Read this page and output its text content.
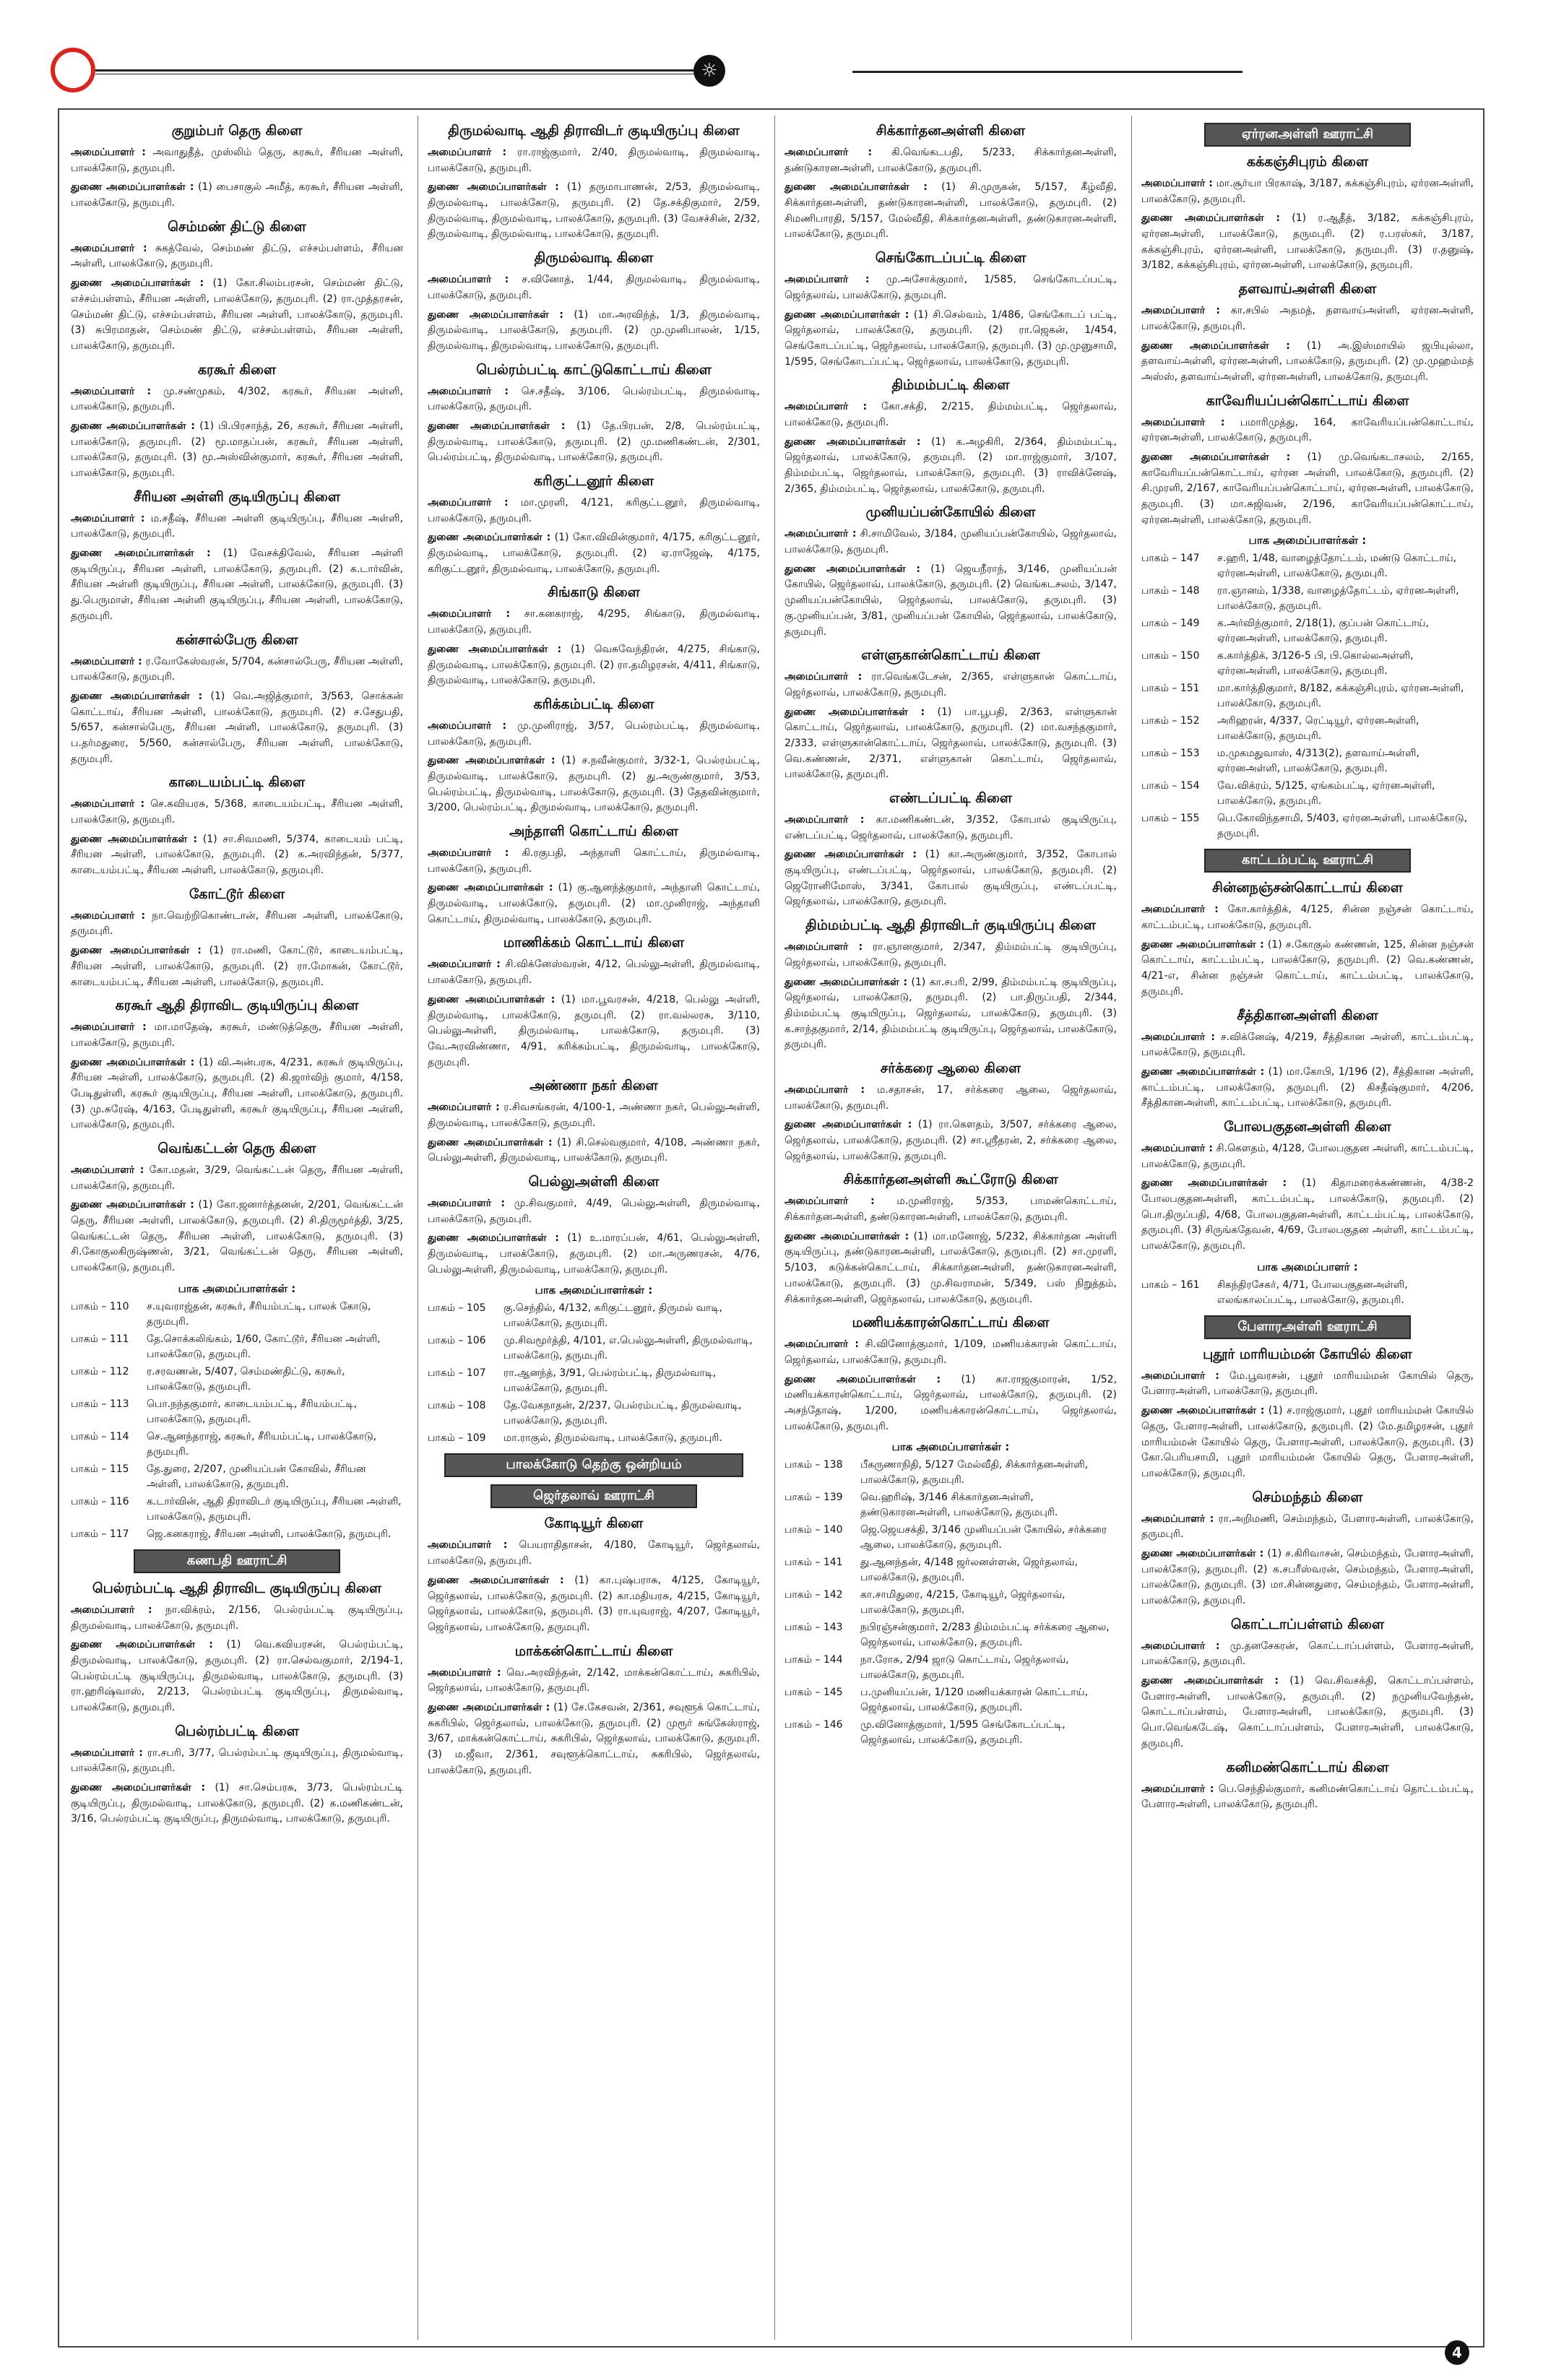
☼
குறும்பர் தெரு கிளை
அமைப்பாளர் : அவாதுதீத், முஸ்லிம் தெரு, கரகூர், சீரியன அள்ளி, பாலக்கோடு, தருமபுரி.
துணை அமைப்பாளர்கள் : (1) பைசாகுல் அமீத், கரகூர், சீரியன அள்ளி, பாலக்கோடு, தருமபுரி.
செம்மண் திட்டு கிளை
அமைப்பாளர் : சுகத்வேல், செம்மண் திட்டு, எச்சம்பள்ளம், சீரியன அள்ளி, பாலக்கோடு, தருமபுரி.
துணை அமைப்பாளர்கள் : (1) கோ.சிலம்பரசன், செம்மண் திட்டு, எச்சம்பள்ளம், சீரியன அள்ளி, பாலக்கோடு, தருமபுரி. (2) ரா.முத்தரசன், செம்மண் திட்டு, எச்சம்பள்ளம், சீரியன அள்ளி, பாலக்கோடு, தருமபுரி. (3) சுபிரமாதன், செம்மண் திட்டு, எச்சம்பள்ளம், சீரியன அள்ளி, பாலக்கோடு, தருமபுரி.
கரகூர் கிளை
அமைப்பாளர் : மு.சண்முகம், 4/302, கரகூர், சீரியன அள்ளி, பாலக்கோடு, தருமபுரி.
துணை அமைப்பாளர்கள் : (1) பி.பிரசாந்த், 26, கரகூர், சீரியன அள்ளி, பாலக்கோடு, தருமபுரி. (2) மூ.மாதப்பன், கரகூர், சீரியன அள்ளி, பாலக்கோடு, தருமபுரி. (3) மூ.அஸ்வின்குமார், கரகூர், சீரியன அள்ளி, பாலக்கோடு, தருமபுரி.
சீரியன அள்ளி குடியிருப்பு கிளை
அமைப்பாளர் : ம.சதீஷ், சீரியன அள்ளி குடியிருப்பு, சீரியன அள்ளி, பாலக்கோடு, தருமபுரி.
துணை அமைப்பாளர்கள் : (1) வேசக்திவேல், சீரியன அள்ளி குடியிருப்பு, சீரியன அள்ளி, பாலக்கோடு, தருமபுரி. (2) க.டார்வின், சீரியன அள்ளி குடியிருப்பு, சீரியன அள்ளி, பாலக்கோடு, தருமபுரி. (3) து.பெருமாள், சீரியன அள்ளி குடியிருப்பு, சீரியன அள்ளி, பாலக்கோடு, தருமபுரி.
கன்சால்பேரு கிளை
அமைப்பாளர் : ர.வோகேஸ்வரன், 5/704, கன்சால்பேரு, சீரியன அள்ளி, பாலக்கோடு, தருமபுரி.
துணை அமைப்பாளர்கள் : (1) வெ.அஜித்குமார், 3/563, சொக்கன் கொட்டாய், சீரியன அள்ளி, பாலக்கோடு, தருமபுரி. (2) ச.சேதுபதி, 5/657, கன்சால்பேரு, சீரியன அள்ளி, பாலக்கோடு, தருமபுரி. (3) ப.தர்மதுரை, 5/560, கன்சால்பேரு, சீரியன அள்ளி, பாலக்கோடு, தருமபுரி.
காடையம்பட்டி கிளை
அமைப்பாளர் : செ.கவியரசு, 5/368, காடையம்பட்டி, சீரியன அள்ளி, பாலக்கோடு, தருமபுரி.
துணை அமைப்பாளர்கள் : (1) சா.சிவமணி, 5/374, காடையம் பட்டி, சீரியன அள்ளி, பாலக்கோடு, தருமபுரி. (2) க.அரவிந்தன், 5/377, காடையம்பட்டி, சீரியன அள்ளி, பாலக்கோடு, தருமபுரி.
கோட்டூர் கிளை
அமைப்பாளர் : நா.வெற்றிகொண்டான், சீரியன அள்ளி, பாலக்கோடு, தருமபுரி.
துணை அமைப்பாளர்கள் : (1) ரா.மணி, கோட்டூர், காடையம்பட்டி, சீரியன அள்ளி, பாலக்கோடு, தருமபுரி. (2) ரா.மோகன், கோட்டூர், காடையம்பட்டி, சீரியன அள்ளி, பாலக்கோடு, தருமபுரி.
கரகூர் ஆதி திராவிட குடியிருப்பு கிளை
அமைப்பாளர் : மா.மாதேஷ், கரகூர், மண்டுத்தெரு, சீரியன அள்ளி, பாலக்கோடு, தருமபுரி.
துணை அமைப்பாளர்கள் : (1) வி.அன்பரசு, 4/231, கரகூர் குடியிருப்பு, சீரியன அள்ளி, பாலக்கோடு, தருமபுரி. (2) கி.ஜார்விந் குமார், 4/158, பேடிதுள்ளி, கரகூர் குடியிருப்பு, சீரியன அள்ளி, பாலக்கோடு, தருமபுரி. (3) மு.சுரேஷ், 4/163, பேடிதுள்ளி, கரகூர் குடியிருப்பு, சீரியன அள்ளி, பாலக்கோடு, தருமபுரி.
வெங்கட்டன் தெரு கிளை
அமைப்பாளர் : கோ.மதன், 3/29, வெங்கட்டன் தெரு, சீரியன அள்ளி, பாலக்கோடு, தருமபுரி.
துணை அமைப்பாளர்கள் : (1) கோ.ஜனார்த்தனன், 2/201, வெங்கட்டன் தெரு, சீரியன அள்ளி, பாலக்கோடு, தருமபுரி. (2) சி.திருமூர்த்தி, 3/25, வெங்கட்டன் தெரு, சீரியன அள்ளி, பாலக்கோடு, தருமபுரி. (3) சி.கோகுலகிருஷ்ணன், 3/21, வெங்கட்டன் தெரு, சீரியன அள்ளி, பாலக்கோடு, தருமபுரி.
பாக அமைப்பாளர்கள் :
பாகம் – 110	ச.யுவராஜ்தன், கரகூர், சீரியம்பட்டி, பாலக் கோடு, தருமபுரி.
பாகம் – 111	தே.சொக்கலிங்கம், 1/60, கோட்டூர், சீரியன அள்ளி, பாலக்கோடு, தருமபுரி.
பாகம் – 112	ர.சரவணன், 5/407, செம்மண்திட்டு, கரகூர், பாலக்கோடு, தருமபுரி.
பாகம் – 113	பொ.நந்தகுமார், காடையம்பட்டி, சீரியம்பட்டி, பாலக்கோடு, தருமபுரி.
பாகம் – 114	செ.ஆனந்தராஜ், கரகூர், சீரியம்பட்டி, பாலக்கோடு, தருமபுரி.
பாகம் – 115	தே.துரை, 2/207, முனியப்பன் கோவில், சீரியன அள்ளி, பாலக்கோடு, தருமபுரி.
பாகம் – 116	க.டார்வின், ஆதி திராவிடர் குடியிருப்பு, சீரியன அள்ளி, பாலக்கோடு, தருமபுரி.
பாகம் – 117	ஜெ.கனகராஜ், சீரியன அள்ளி, பாலக்கோடு, தருமபுரி.
கணபதி ஊராட்சி
பெல்ரம்பட்டி ஆதி திராவிட குடியிருப்பு கிளை
அமைப்பாளர் : நா.விக்ரம், 2/156, பெல்ரம்பட்டி குடியிருப்பு, திருமல்வாடி, பாலக்கோடு, தருமபுரி.
துணை அமைப்பாளர்கள் : (1) வெ.கவியரசன், பெல்ரம்பட்டி, திருமல்வாடி, பாலக்கோடு, தருமபுரி. (2) ரா.செல்வகுமார், 2/194-1, பெல்ரம்பட்டி குடியிருப்பு, திருமல்வாடி, பாலக்கோடு, தருமபுரி. (3) ரா.ஹரிஷ்வாஸ், 2/213, பெல்ரம்பட்டி குடியிருப்பு, திருமல்வாடி, பாலக்கோடு, தருமபுரி.
பெல்ரம்பட்டி கிளை
அமைப்பாளர் : ரா.சபரி, 3/77, பெல்ரம்பட்டி குடியிருப்பு, திருமல்வாடி, பாலக்கோடு, தருமபுரி.
துணை அமைப்பாளர்கள் : (1) சா.செம்பரசு, 3/73, பெல்ரம்பட்டி குடியிருப்பு, திருமல்வாடி, பாலக்கோடு, தருமபுரி. (2) க.மணிகண்டன், 3/16, பெல்ரம்பட்டி குடியிருப்பு, திருமல்வாடி, பாலக்கோடு, தருமபுரி.
திருமல்வாடி ஆதி திராவிடர் குடியிருப்பு கிளை
அமைப்பாளர் : ரா.ராஜ்குமார், 2/40, திருமல்வாடி, திருமல்வாடி, பாலக்கோடு, தருமபுரி.
துணை அமைப்பாளர்கள் : (1) தருமாபாணன், 2/53, திருமல்வாடி, திருமல்வாடி, பாலக்கோடு, தருமபுரி. (2) தே.சக்திகுமார், 2/59, திருமல்வாடி, திருமல்வாடி, பாலக்கோடு, தருமபுரி. (3) வேசச்சின், 2/32, திருமல்வாடி, திருமல்வாடி, பாலக்கோடு, தருமபுரி.
திருமல்வாடி கிளை
அமைப்பாளர் : ச.வினோத், 1/44, திருமல்வாடி, திருமல்வாடி, பாலக்கோடு, தருமபுரி.
துணை அமைப்பாளர்கள் : (1) மா.அரவிந்த், 1/3, திருமல்வாடி, திருமல்வாடி, பாலக்கோடு, தருமபுரி. (2) மு.முனிபாலன், 1/15, திருமல்வாடி, திருமல்வாடி, பாலக்கோடு, தருமபுரி.
பெல்ரம்பட்டி காட்டுகொட்டாய் கிளை
அமைப்பாளர் : செ.சதீஷ், 3/106, பெல்ரம்பட்டி, திருமல்வாடி, பாலக்கோடு, தருமபுரி.
துணை அமைப்பாளர்கள் : (1) தே.பிரபன், 2/8, பெல்ரம்பட்டி, திருமல்வாடி, பாலக்கோடு, தருமபுரி. (2) மு.மணிகண்டன், 2/301, பெல்ரம்பட்டி, திருமல்வாடி, பாலக்கோடு, தருமபுரி.
கரிகுட்டனூர் கிளை
அமைப்பாளர் : மா.முரளி, 4/121, கரிகுட்டனூர், திருமல்வாடி, பாலக்கோடு, தருமபுரி.
துணை அமைப்பாளர்கள் : (1) கோ.விவின்குமார், 4/175, கரிகுட்டனூர், திருமல்வாடி, பாலக்கோடு, தருமபுரி. (2) ஏ.ராஜேஷ், 4/175, கரிகுட்டனூர், திருமல்வாடி, பாலக்கோடு, தருமபுரி.
சிங்காடு கிளை
அமைப்பாளர் : சா.கனகராஜ், 4/295, சிங்காடு, திருமல்வாடி, பாலக்கோடு, தருமபுரி.
துணை அமைப்பாளர்கள் : (1) வெசுவேந்திரன், 4/275, சிங்காடு, திருமல்வாடி, பாலக்கோடு, தருமபுரி. (2) ரா.தமிழரசன், 4/411, சிங்காடு, திருமல்வாடி, பாலக்கோடு, தருமபுரி.
கரிக்கம்பட்டி கிளை
அமைப்பாளர் : மு.முனிராஜ், 3/57, பெல்ரம்பட்டி, திருமல்வாடி, பாலக்கோடு, தருமபுரி.
துணை அமைப்பாளர்கள் : (1) ச.நவீன்குமார், 3/32-1, பெல்ரம்பட்டி, திருமல்வாடி, பாலக்கோடு, தருமபுரி. (2) து.அருண்குமார், 3/53, பெல்ரம்பட்டி, திருமல்வாடி, பாலக்கோடு, தருமபுரி. (3) தேதவின்குமார், 3/200, பெல்ரம்பட்டி, திருமல்வாடி, பாலக்கோடு, தருமபுரி.
அந்தாளி கொட்டாய் கிளை
அமைப்பாளர் : கி.ரகுபதி, அந்தாளி கொட்டாய், திருமல்வாடி, பாலக்கோடு, தருமபுரி.
துணை அமைப்பாளர்கள் : (1) கு.ஆனந்த்குமார், அந்தாளி கொட்டாய், திருமல்வாடி, பாலக்கோடு, தருமபுரி. (2) மா.முனிராஜ், அந்தாளி கொட்டாய், திருமல்வாடி, பாலக்கோடு, தருமபுரி.
மாணிக்கம் கொட்டாய் கிளை
அமைப்பாளர் : சி.விக்னேஸ்வரன், 4/12, பெல்லுஅள்ளி, திருமல்வாடி, பாலக்கோடு, தருமபுரி.
துணை அமைப்பாளர்கள் : (1) மா.பூவரசன், 4/218, பெல்லு அள்ளி, திருமல்வாடி, பாலக்கோடு, தருமபுரி. (2) ரா.வல்லரசு, 3/110, பெல்லுஅள்ளி, திருமல்வாடி, பாலக்கோடு, தருமபுரி. (3) வே.அரவிண்ணா, 4/91, கரிக்கம்பட்டி, திருமல்வாடி, பாலக்கோடு, தருமபுரி.
அண்ணா நகர் கிளை
அமைப்பாளர் : ர.சிவசங்கரன், 4/100-1, அண்ணா நகர், பெல்லுஅள்ளி, திருமல்வாடி, பாலக்கோடு, தருமபுரி.
துணை அமைப்பாளர்கள் : (1) சி.செல்வகுமார், 4/108, அண்ணா நகர், பெல்லுஅள்ளி, திருமல்வாடி, பாலக்கோடு, தருமபுரி.
பெல்லுஅள்ளி கிளை
அமைப்பாளர் : மு.சிவகுமார், 4/49, பெல்லுஅள்ளி, திருமல்வாடி, பாலக்கோடு, தருமபுரி.
துணை அமைப்பாளர்கள் : (1) உ.மாரப்பன், 4/61, பெல்லுஅள்ளி, திருமல்வாடி, பாலக்கோடு, தருமபுரி. (2) மா.அருணரசன், 4/76, பெல்லுஅள்ளி, திருமல்வாடி, பாலக்கோடு, தருமபுரி.
பாக அமைப்பாளர்கள் :
பாகம் – 105	கு.செந்தில், 4/132, கரிகுட்டனூர், திருமல் வாடி, பாலக்கோடு, தருமபுரி.
பாகம் – 106	மு.சிவமூர்த்தி, 4/101, எ.பெல்லுஅள்ளி, திருமல்வாடி, பாலக்கோடு, தருமபுரி.
பாகம் – 107	ரா.ஆனந்த், 3/91, பெல்ரம்பட்டி, திருமல்வாடி, பாலக்கோடு, தருமபுரி.
பாகம் – 108	தே.வேகநாதன், 2/237, பெல்ரம்பட்டி, திருமல்வாடி, பாலக்கோடு, தருமபுரி.
பாகம் – 109	மா.ராகுல், திருமல்வாடி, பாலக்கோடு, தருமபுரி.
பாலக்கோடு தெற்கு ஒன்றியம்
ஜெர்தலாவ் ஊராட்சி
கோடியூர் கிளை
அமைப்பாளர் : பெயராதிதாசன், 4/180, கோடியூர், ஜெர்தலாவ், பாலக்கோடு, தருமபுரி.
துணை அமைப்பாளர்கள் : (1) கா.புஷ்பராசு, 4/125, கோடியூர், ஜெர்தலாவ், பாலக்கோடு, தருமபுரி. (2) கா.மதியரசு, 4/215, கோடியூர், ஜெர்தலாவ், பாலக்கோடு, தருமபுரி. (3) ரா.யுவராஜ், 4/207, கோடியூர், ஜெர்தலாவ், பாலக்கோடு, தருமபுரி.
மாக்கன்கொட்டாய் கிளை
அமைப்பாளர் : வெ.அரவிந்தன், 2/142, மாக்கன்கொட்டாய், சுகரிபில், ஜெர்தலாவ், பாலக்கோடு, தருமபுரி.
துணை அமைப்பாளர்கள் : (1) சே.கேசவன், 2/361, சவுளூக் கொட்டாய், சுகரிபில், ஜெர்தலாவ், பாலக்கோடு, தருமபுரி. (2) முரூர் சுங்கேஸ்ராஜ், 3/67, மாக்கன்கொட்டாய், சுகரிபில், ஜெர்தலாவ், பாலக்கோடு, தருமபுரி. (3) ம.ஜீவா, 2/361, சவுளூக்கொட்டாய், சுகரிபில், ஜெர்தலாவ், பாலக்கோடு, தருமபுரி.
சிக்கார்தனஅள்ளி கிளை
அமைப்பாளர் : கி.வெங்கடபதி, 5/233, சிக்கார்தனஅள்ளி, தண்டுகாரனஅள்ளி, பாலக்கோடு, தருமபுரி.
துணை அமைப்பாளர்கள் : (1) சி.முருகன், 5/157, கீழ்வீதி, சிக்கார்தனஅள்ளி, தண்டுகாரனஅள்ளி, பாலக்கோடு, தருமபுரி. (2) சிமணிபாரதி, 5/157, மேல்வீதி, சிக்கார்தனஅள்ளி, தண்டுகாரனஅள்ளி, பாலக்கோடு, தருமபுரி.
செங்கோடப்பட்டி கிளை
அமைப்பாளர் : மு.அசோக்குமார், 1/585, செங்கோடப்பட்டி, ஜெர்தலாவ், பாலக்கோடு, தருமபுரி.
துணை அமைப்பாளர்கள் : (1) சி.செல்வம், 1/486, செங்கோடப் பட்டி, ஜெர்தலாவ், பாலக்கோடு, தருமபுரி. (2) ரா.ஜெகன், 1/454, செங்கோடப்பட்டி, ஜெர்தலாவ், பாலக்கோடு, தருமபுரி. (3) மு.முனுசாமி, 1/595, செங்கோடப்பட்டி, ஜெர்தலாவ், பாலக்கோடு, தருமபுரி.
திம்மம்பட்டி கிளை
அமைப்பாளர் : கோ.சக்தி, 2/215, திம்மம்பட்டி, ஜெர்தலாவ், பாலக்கோடு, தருமபுரி.
துணை அமைப்பாளர்கள் : (1) க.அழகிரி, 2/364, திம்மம்பட்டி, ஜெர்தலாவ், பாலக்கோடு, தருமபுரி. (2) மா.ராஜ்குமார், 3/107, திம்மம்பட்டி, ஜெர்தலாவ், பாலக்கோடு, தருமபுரி. (3) ராவிக்னேஷ், 2/365, திம்மம்பட்டி, ஜெர்தலாவ், பாலக்கோடு, தருமபுரி.
முனியப்பன்கோயில் கிளை
அமைப்பாளர் : சி.சாமிவேல், 3/184, முனியப்பன்கோயில், ஜெர்தலாவ், பாலக்கோடு, தருமபுரி.
துணை அமைப்பாளர்கள் : (1) ஜெயநீராந், 3/146, முனியப்பன் கோயில், ஜெர்தலாவ், பாலக்கோடு, தருமபுரி. (2) வெங்கடசலம், 3/147, முனியப்பன்கோயில், ஜெர்தலாவ், பாலக்கோடு, தருமபுரி. (3) கு.முனியப்பன், 3/81, முனியப்பன் கோயில், ஜெர்தலாவ், பாலக்கோடு, தருமபுரி.
எள்ளுகான்கொட்டாய் கிளை
அமைப்பாளர் : ரா.வெங்கடேசன், 2/365, எள்ளுகான் கொட்டாய், ஜெர்தலாவ், பாலக்கோடு, தருமபுரி.
துணை அமைப்பாளர்கள் : (1) பா.பூபதி, 2/363, எள்ளுகான் கொட்டாய், ஜெர்தலாவ், பாலக்கோடு, தருமபுரி. (2) மா.வசந்தகுமார், 2/333, எள்ளுகான்கொட்டாய், ஜெர்தலாவ், பாலக்கோடு, தருமபுரி. (3) வெ.கண்ணன், 2/371, எள்ளுகான் கொட்டாய், ஜெர்தலாவ், பாலக்கோடு, தருமபுரி.
எண்டப்பட்டி கிளை
அமைப்பாளர் : கா.மணிகண்டன், 3/352, கோபால் குடியிருப்பு, எண்டப்பட்டி, ஜெர்தலாவ், பாலக்கோடு, தருமபுரி.
துணை அமைப்பாளர்கள் : (1) கா.அருண்குமார், 3/352, கோபால் குடியிருப்பு, எண்டப்பட்டி, ஜெர்தலாவ், பாலக்கோடு, தருமபுரி. (2) ஜெரோனிமோஸ், 3/341, கோபால் குடியிருப்பு, எண்டப்பட்டி, ஜெர்தலாவ், பாலக்கோடு, தருமபுரி.
திம்மம்பட்டி ஆதி திராவிடர் குடியிருப்பு கிளை
அமைப்பாளர் : ரா.ஞானகுமார், 2/347, திம்மம்பட்டி குடியிருப்பு, ஜெர்தலாவ், பாலக்கோடு, தருமபுரி.
துணை அமைப்பாளர்கள் : (1) கா.சபரி, 2/99, திம்மம்பட்டி குடியிருப்பு, ஜெர்தலாவ், பாலக்கோடு, தருமபுரி. (2) பா.திருப்பதி, 2/344, திம்மம்பட்டி குடியிருப்பு, ஜெர்தலாவ், பாலக்கோடு, தருமபுரி. (3) க.சாந்தகுமார், 2/14, திம்மம்பட்டி குடியிருப்பு, ஜெர்தலாவ், பாலக்கோடு, தருமபுரி.
சர்க்கரை ஆலை கிளை
அமைப்பாளர் : ம.சதாசன், 17, சர்க்கரை ஆலை, ஜெர்தலாவ், பாலக்கோடு, தருமபுரி.
துணை அமைப்பாளர்கள் : (1) ரா.கௌதம், 3/507, சர்க்கரை ஆலை, ஜெர்தலாவ், பாலக்கோடு, தருமபுரி. (2) சா.ஸ்ரீதரன், 2, சர்க்கரை ஆலை, ஜெர்தலாவ், பாலக்கோடு, தருமபுரி.
சிக்கார்தனஅள்ளி கூட்ரோடு கிளை
அமைப்பாளர் : ம.முனிராஜ், 5/353, பாமண்கொட்டாய், சிக்கார்தனஅள்ளி, தண்டுகாரனஅள்ளி, பாலக்கோடு, தருமபுரி.
துணை அமைப்பாளர்கள் : (1) மா.மனோஜ், 5/232, சிக்கார்தன அள்ளி குடியிருப்பு, தண்டுகாரனஅள்ளி, பாலக்கோடு, தருமபுரி. (2) சா.முரளி, 5/103, கடுக்கன்கொட்டாய், சிக்கார்தனஅள்ளி, தண்டுகாரனஅள்ளி, பாலக்கோடு, தருமபுரி. (3) மு.சிவராமன், 5/349, பஸ் நிறுத்தம், சிக்கார்தனஅள்ளி, ஜெர்தலாவ், பாலக்கோடு, தருமபுரி.
மணியக்காரன்கொட்டாய் கிளை
அமைப்பாளர் : சி.வினோத்குமார், 1/109, மணியக்காரன் கொட்டாய், ஜெர்தலாவ், பாலக்கோடு, தருமபுரி.
துணை அமைப்பாளர்கள் : (1) கா.ராஜகுமாரன், 1/52, மணியக்காரன்கொட்டாய், ஜெர்தலாவ், பாலக்கோடு, தருமபுரி. (2) அசந்தோஷ், 1/200, மணியக்காரன்கொட்டாய், ஜெர்தலாவ், பாலக்கோடு, தருமபுரி.
பாக அமைப்பாளர்கள் :
பாகம் – 138	பீகருணாநிதி, 5/127 மேல்வீதி, சிக்கார்தனஅள்ளி, பாலக்கோடு, தருமபுரி.
பாகம் – 139	வெ.ஹரிஷ், 3/146 சிக்கார்தனஅள்ளி, தண்டுகாரனஅள்ளி, பாலக்கோடு, தருமபுரி.
பாகம் – 140	ஜெ.ஜெயசக்தி, 3/146 முனியப்பன் கோயில், சர்க்கரை ஆலை, பாலக்கோடு, தருமபுரி.
பாகம் – 141	து.ஆனந்தன், 4/148 ஜர்லனள்ளன், ஜெர்தலாவ், பாலக்கோடு, தருமபுரி.
பாகம் – 142	கா.சாமிதுரை, 4/215, கோடியூர், ஜெர்தலாவ், பாலக்கோடு, தருமபுரி.
பாகம் – 143	நபிரஞ்சன்குமார், 2/283 திம்மம்பட்டி சர்க்கரை ஆலை, ஜெர்தலாவ், பாலக்கோடு, தருமபுரி.
பாகம் – 144	நா.ரோசு, 2/94 ஜாடு கொட்டாய், ஜெர்தலாவ், பாலக்கோடு, தருமபுரி.
பாகம் – 145	ப.முனியப்பன், 1/120 மணியக்காரன் கொட்டாய், ஜெர்தலாவ், பாலக்கோடு, தருமபுரி.
பாகம் – 146	மு.வினோத்குமார், 1/595 செங்கோடப்பட்டி, ஜெர்தலாவ், பாலக்கோடு, தருமபுரி.
ஏர்ரனஅள்ளி ஊராட்சி
கக்கஞ்சிபுரம் கிளை
அமைப்பாளர் : மா.சூர்யா பிரகாஷ், 3/187, கக்கஞ்சிபுரம், ஏர்ரனஅள்ளி, பாலக்கோடு, தருமபுரி.
துணை அமைப்பாளர்கள் : (1) ர.ஆதீத், 3/182, கக்கஞ்சிபுரம், ஏர்ரனஅள்ளி, பாலக்கோடு, தருமபுரி. (2) ர.பரஸ்கர், 3/187, கக்கஞ்சிபுரம், ஏர்ரனஅள்ளி, பாலக்கோடு, தருமபுரி. (3) ர.தனுஷ், 3/182, கக்கஞ்சிபுரம், ஏர்ரனஅள்ளி, பாலக்கோடு, தருமபுரி.
தளவாய்அள்ளி கிளை
அமைப்பாளர் : கா.சபில் அதமத், தளவாய்அள்ளி, ஏர்ரனஅள்ளி, பாலக்கோடு, தருமபுரி.
துணை அமைப்பாளர்கள் : (1) அ.இஸ்மாயில் ஜபியுல்லா, தளவாய்அள்ளி, ஏர்ரனஅள்ளி, பாலக்கோடு, தருமபுரி. (2) மு.முஹம்மத் அஸ்ஸ், தளவாய்அள்ளி, ஏர்ரனஅள்ளி, பாலக்கோடு, தருமபுரி.
காவேரியப்பன்கொட்டாய் கிளை
அமைப்பாளர் : பமாரிமுத்து, 164, காவேரியப்பன்கொட்டாய், ஏர்ரனஅள்ளி, பாலக்கோடு, தருமபுரி.
துணை அமைப்பாளர்கள் : (1) மு.வெங்கடாசலம், 2/165, காவேரியப்பன்கொட்டாய், ஏர்ரன அள்ளி, பாலக்கோடு, தருமபுரி. (2) சி.முரளி, 2/167, காவேரியப்பன்கொட்டாய், ஏர்ரனஅள்ளி, பாலக்கோடு, தருமபுரி. (3) மா.சுஜிவன், 2/196, காவேரியப்பன்கொட்டாய், ஏர்ரனஅள்ளி, பாலக்கோடு, தருமபுரி.
பாக அமைப்பாளர்கள் :
பாகம் – 147	ச.ஹரி, 1/48, வாழைத்தோட்டம், மண்டு கொட்டாய், ஏர்ரனஅள்ளி, பாலக்கோடு, தருமபுரி.
பாகம் – 148	ரா.ஞானம், 1/338, வாழைத்தோட்டம், ஏர்ரனஅள்ளி, பாலக்கோடு, தருமபுரி.
பாகம் – 149	க.அர்விந்குமார், 2/18(1), குப்பன் கொட்டாய், ஏர்ரனஅள்ளி, பாலக்கோடு, தருமபுரி.
பாகம் – 150	க.கார்த்திக், 3/126-5 பி, பி.கொல்லஅள்ளி, ஏர்ரனஅள்ளி, பாலக்கோடு, தருமபுரி.
பாகம் – 151	மா.கார்த்திகுமார், 8/182, கக்கஞ்சிபுரம், ஏர்ரனஅள்ளி, பாலக்கோடு, தருமபுரி.
பாகம் – 152	அரிஹரன், 4/337, ரெட்டியூர், ஏர்ரனஅள்ளி, பாலக்கோடு, தருமபுரி.
பாகம் – 153	ம.முகமதுவாஸ், 4/313(2), தளவாய்அள்ளி, ஏர்ரனஅள்ளி, பாலக்கோடு, தருமபுரி.
பாகம் – 154	வே.விக்ரம், 5/125, ஏங்கம்பட்டி, ஏர்ரனஅள்ளி, பாலக்கோடு, தருமபுரி.
பாகம் – 155	பெ.கோவிந்தசாமி, 5/403, ஏர்ரனஅள்ளி, பாலக்கோடு, தருமபுரி.
காட்டம்பட்டி ஊராட்சி
சின்னநஞ்சன்கொட்டாய் கிளை
அமைப்பாளர் : கோ.கார்த்திக், 4/125, சின்ன நஞ்சன் கொட்டாய், காட்டம்பட்டி, பாலக்கோடு, தருமபுரி.
துணை அமைப்பாளர்கள் : (1) ச.கோகுல் கண்ணன், 125, சின்ன நஞ்சன் கொட்டாய், காட்டம்பட்டி, பாலக்கோடு, தருமபுரி. (2) வெ.கண்ணன், 4/21-எ, சின்ன நஞ்சன் கொட்டாய், காட்டம்பட்டி, பாலக்கோடு, தருமபுரி.
சீத்திகானஅள்ளி கிளை
அமைப்பாளர் : ச.விக்னேஷ், 4/219, சீத்திகான அள்ளி, காட்டம்பட்டி, பாலக்கோடு, தருமபுரி.
துணை அமைப்பாளர்கள் : (1) மா.கோபி, 1/196 (2), சீத்திகான அள்ளி, காட்டம்பட்டி, பாலக்கோடு, தருமபுரி. (2) கிசதீஷ்குமார், 4/206, சீத்திகானஅள்ளி, காட்டம்பட்டி, பாலக்கோடு, தருமபுரி.
போலபகுதனஅள்ளி கிளை
அமைப்பாளர் : சி.கௌதம், 4/128, போலபகுதன அள்ளி, காட்டம்பட்டி, பாலக்கோடு, தருமபுரி.
துணை அமைப்பாளர்கள் : (1) கிதாமரைக்கண்ணன், 4/38-2 போலபகுதனஅள்ளி, காட்டம்பட்டி, பாலக்கோடு, தருமபுரி. (2) பொ.திருப்பதி, 4/68, போலபகுதனஅள்ளி, காட்டம்பட்டி, பாலக்கோடு, தருமபுரி. (3) சிருங்கதேவன், 4/69, போலபகுதன அள்ளி, காட்டம்பட்டி, பாலக்கோடு, தருமபுரி.
பாக அமைப்பாளர் :
பாகம் – 161	சிகந்திரசேகர், 4/71, போலபகுதனஅள்ளி, எலங்காலப்பட்டி, பாலக்கோடு, தருமபுரி.
பேளாரஅள்ளி ஊராட்சி
புதூர் மாரியம்மன் கோயில் கிளை
அமைப்பாளர் : மே.பூவரசன், புதூர் மாரியம்மன் கோயில் தெரு, பேளாரஅள்ளி, பாலக்கோடு, தருமபுரி.
துணை அமைப்பாளர்கள் : (1) ச.ராஜ்குமார், புதூர் மாரியம்மன் கோயில் தெரு, பேளாரஅள்ளி, பாலக்கோடு, தருமபுரி. (2) மே.தமிழரசன், புதூர் மாரியம்மன் கோயில் தெரு, பேளாரஅள்ளி, பாலக்கோடு, தருமபுரி. (3) கோ.பெரியசாமி, புதூர் மாரியம்மன் கோயில் தெரு, பேளாரஅள்ளி, பாலக்கோடு, தருமபுரி.
செம்மந்தம் கிளை
அமைப்பாளர் : ரா.அறிமணி, செம்மந்தம், பேளாரஅள்ளி, பாலக்கோடு, தருமபுரி.
துணை அமைப்பாளர்கள் : (1) ச.கிரிவாசன், செம்மந்தம், பேளாரஅள்ளி, பாலக்கோடு, தருமபுரி. (2) க.சபரீஸ்வரன், செம்மந்தம், பேளாரஅள்ளி, பாலக்கோடு, தருமபுரி. (3) மா.சின்னதுரை, செம்மந்தம், பேளாரஅள்ளி, பாலக்கோடு, தருமபுரி.
கொட்டாப்பள்ளம் கிளை
அமைப்பாளர் : மு.தனசேகரன், கொட்டாப்பள்ளம், பேளாரஅள்ளி, பாலக்கோடு, தருமபுரி.
துணை அமைப்பாளர்கள் : (1) வெ.சிவசக்தி, கொட்டாப்பள்ளம், பேளாரஅள்ளி, பாலக்கோடு, தருமபுரி. (2) நமுனியவேந்தன், கொட்டாப்பள்ளம், பேளாரஅள்ளி, பாலக்கோடு, தருமபுரி. (3) பொ.வெங்கடேஷ், கொட்டாப்பள்ளம், பேளாரஅள்ளி, பாலக்கோடு, தருமபுரி.
கனிமண்கொட்டாய் கிளை
அமைப்பாளர் : பெ.செந்தில்குமார், கனிமண்கொட்டாய் தொட்டம்பட்டி, பேளாரஅள்ளி, பாலக்கோடு, தருமபுரி.
4
